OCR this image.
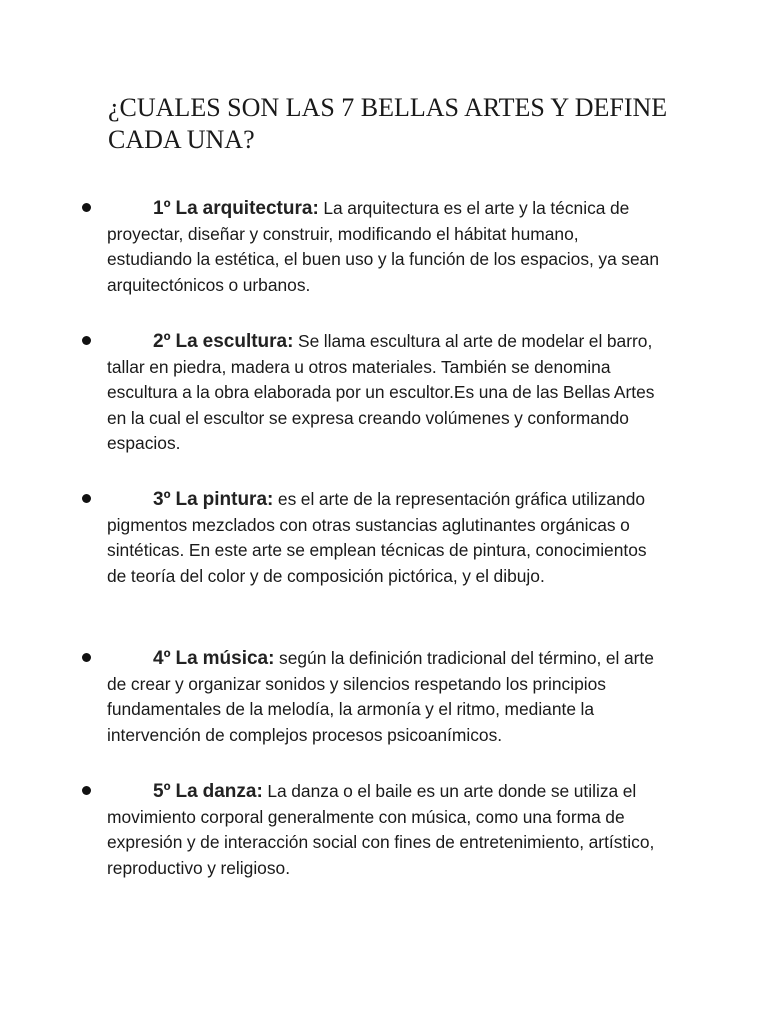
¿CUALES SON LAS 7 BELLAS ARTES Y DEFINE CADA UNA?

1º La arquitectura: La arquitectura es el arte y la técnica de proyectar, diseñar y construir, modificando el hábitat humano, estudiando la estética, el buen uso y la función de los espacios, ya sean arquitectónicos o urbanos.

2º La escultura: Se llama escultura al arte de modelar el barro, tallar en piedra, madera u otros materiales. También se denomina escultura a la obra elaborada por un escultor.Es una de las Bellas Artes en la cual el escultor se expresa creando volúmenes y conformando espacios.

3º La pintura: es el arte de la representación gráfica utilizando pigmentos mezclados con otras sustancias aglutinantes orgánicas o sintéticas. En este arte se emplean técnicas de pintura, conocimientos de teoría del color y de composición pictórica, y el dibujo.

4º La música: según la definición tradicional del término, el arte de crear y organizar sonidos y silencios respetando los principios fundamentales de la melodía, la armonía y el ritmo, mediante la intervención de complejos procesos psicoanímicos.

5º La danza: La danza o el baile es un arte donde se utiliza el movimiento corporal generalmente con música, como una forma de expresión y de interacción social con fines de entretenimiento, artístico, reproductivo y religioso.
